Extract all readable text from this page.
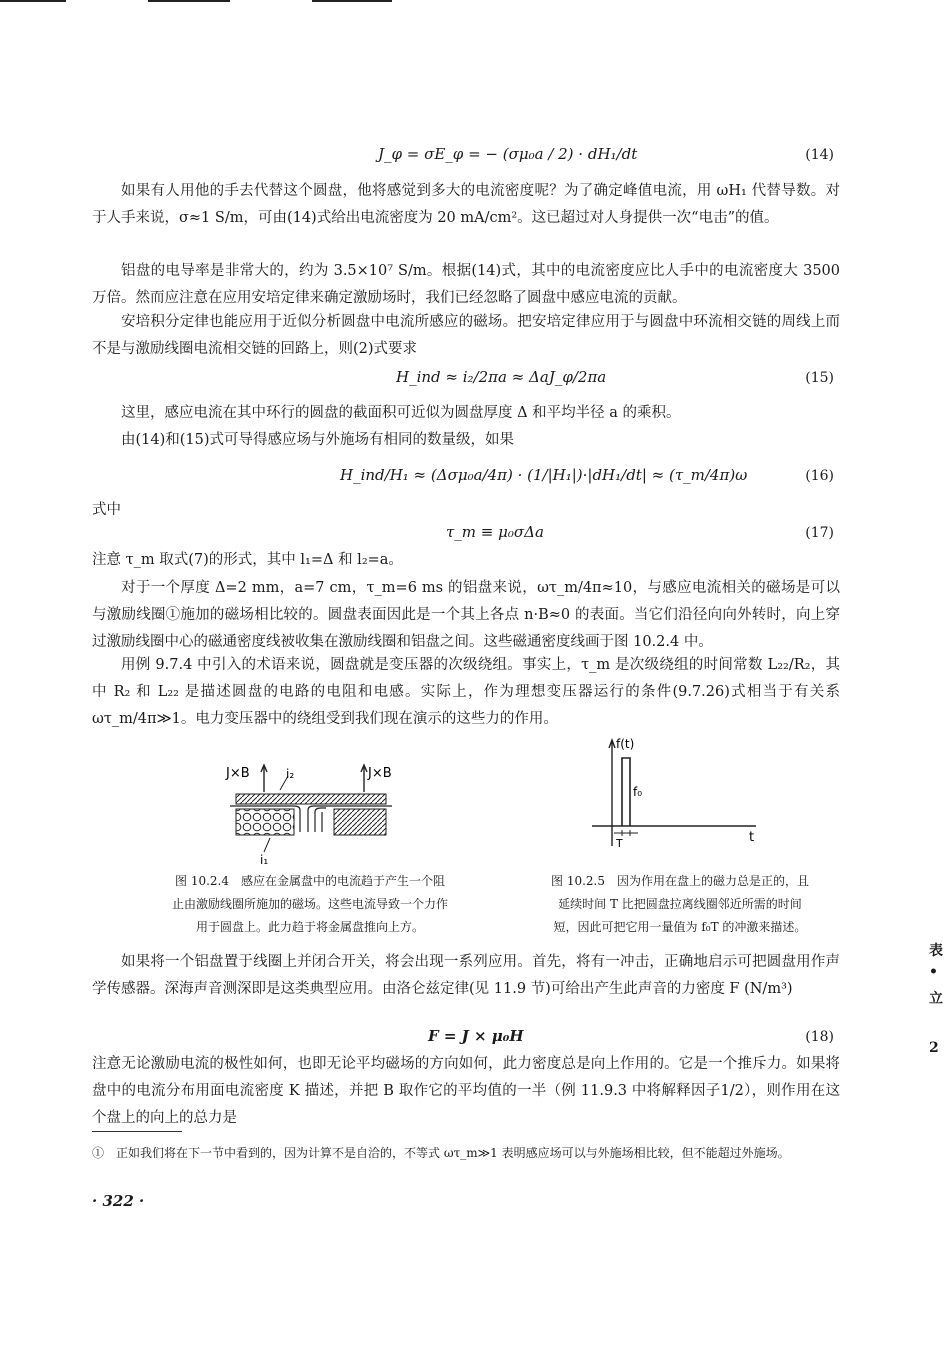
J_φ = σE_φ = − (σμ₀a / 2) · dH₁/dt	(14)
如果有人用他的手去代替这个圆盘，他将感觉到多大的电流密度呢？为了确定峰值电流，用 ωH₁ 代替导数。对于人手来说，σ≈1 S/m，可由(14)式给出电流密度为 20 mA/cm²。这已超过对人身提供一次“电击”的值。
铝盘的电导率是非常大的，约为 3.5×10⁷ S/m。根据(14)式，其中的电流密度应比人手中的电流密度大 3500 万倍。然而应注意在应用安培定律来确定激励场时，我们已经忽略了圆盘中感应电流的贡献。
安培积分定律也能应用于近似分析圆盘中电流所感应的磁场。把安培定律应用于与圆盘中环流相交链的周线上而不是与激励线圈电流相交链的回路上，则(2)式要求
H_ind ≈ i₂/2πa ≈ ΔaJ_φ/2πa	(15)
这里，感应电流在其中环行的圆盘的截面积可近似为圆盘厚度 Δ 和平均半径 a 的乘积。
由(14)和(15)式可导得感应场与外施场有相同的数量级，如果
H_ind/H₁ ≈ (Δσμ₀a/4π) · (1/|H₁|)·|dH₁/dt| ≈ (τ_m/4π)ω	(16)
式中
τ_m ≡ μ₀σΔa	(17)
注意 τ_m 取式(7)的形式，其中 l₁=Δ 和 l₂=a。
对于一个厚度 Δ=2 mm，a=7 cm，τ_m=6 ms 的铝盘来说，ωτ_m/4π≈10，与感应电流相关的磁场是可以与激励线圈①施加的磁场相比较的。圆盘表面因此是一个其上各点 n·B≈0 的表面。当它们沿径向向外转时，向上穿过激励线圈中心的磁通密度线被收集在激励线圈和铝盘之间。这些磁通密度线画于图 10.2.4 中。
用例 9.7.4 中引入的术语来说，圆盘就是变压器的次级绕组。事实上，τ_m 是次级绕组的时间常数 L₂₂/R₂，其中 R₂ 和 L₂₂ 是描述圆盘的电路的电阻和电感。实际上，作为理想变压器运行的条件(9.7.26)式相当于有关系 ωτ_m/4π≫1。电力变压器中的绕组受到我们现在演示的这些力的作用。
J×B	i₂	J×B
i₁
图 10.2.4　感应在金属盘中的电流趋于产生一个阻
止由激励线圈所施加的磁场。这些电流导致一个力作
用于圆盘上。此力趋于将金属盘推向上方。
f(t)
f₀
t
T
图 10.2.5　因为作用在盘上的磁力总是正的，且
延续时间 T 比把圆盘拉离线圈邻近所需的时间
短，因此可把它用一量值为 f₀T 的冲激来描述。
如果将一个铝盘置于线圈上并闭合开关，将会出现一系列应用。首先，将有一冲击，正确地启示可把圆盘用作声学传感器。深海声音测深即是这类典型应用。由洛仑兹定律(见 11.9 节)可给出产生此声音的力密度 F (N/m³)
F = J × μ₀H	(18)
注意无论激励电流的极性如何，也即无论平均磁场的方向如何，此力密度总是向上作用的。它是一个推斥力。如果将盘中的电流分布用面电流密度 K 描述，并把 B 取作它的平均值的一半（例 11.9.3 中将解释因子1/2），则作用在这个盘上的向上的总力是
①　正如我们将在下一节中看到的，因为计算不是自洽的，不等式 ωτ_m≫1 表明感应场可以与外施场相比较，但不能超过外施场。
· 322 ·
表
•
立
2
